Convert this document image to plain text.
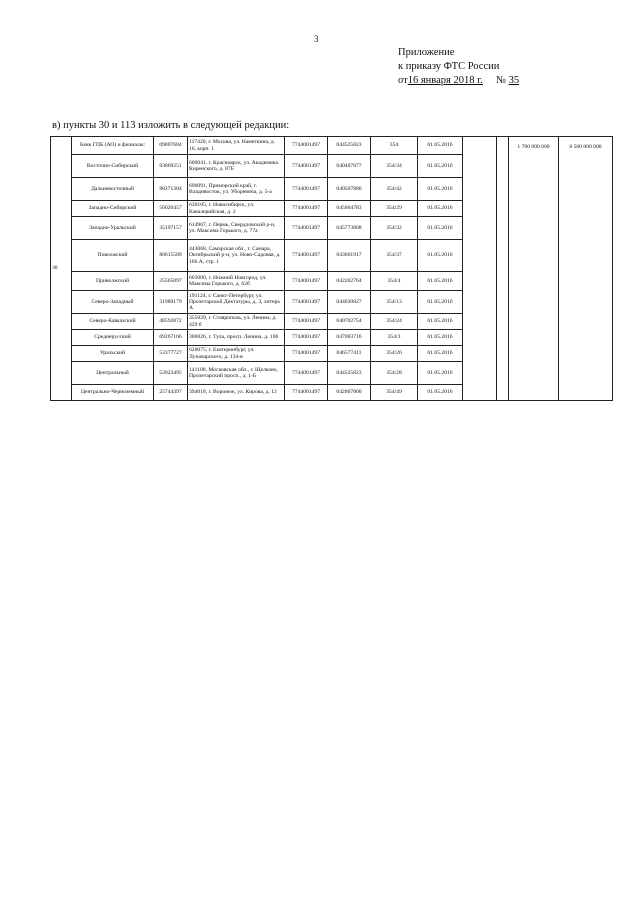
3
Приложение
к приказу ФТС России
от16 января 2018 г. № 35
в) пункты 30 и 113 изложить в следующей редакции:
30	Банк ГПБ (АО) и филиалы:	09807684	117420, г. Москва, ул. Наметкина, д. 16, корп. 1	7744001497	044525823	354	01.05.2016			1 700 000 000	8 500 000 000
	Восточно-Сибирский	93869251	660041, г. Красноярск, ул. Академика Киренского, д. 87Б	7744001497	040407877	354/34	01.05.2016				
	Дальневосточный	88271304	690091, Приморский край, г. Владивосток, ул. Уборевича, д. 5-а	7744001497	040507886	354/42	01.05.2016				
	Западно-Сибирский	56020457	630105, г. Новосибирск, ул. Кавалерийская, д. 2	7744001497	045004783	354/29	01.05.2016				
	Западно-Уральский	35197157	614907, г. Пермь, Свердловский р-н, ул. Максима Горького, д. 77а	7744001497	045773808	354/32	01.05.2016				
	Поволжский	80615589	443068, Самарская обл., г. Самара, Октябрьский р-н, ул. Ново-Садовая, д. 106 А, стр. 1	7744001497	043601917	354/37	01.05.2016				
	Приволжский	25565097	603000, г. Нижний Новгород, ул. Максима Горького, д. 62б	7744001497	042202764	354/4	01.05.2016				
	Северо-Западный	31980179	191124, г. Санкт-Петербург, ул. Пролетарской Диктатуры, д. 3, литера А	7744001497	044030827	354/13	01.05.2016				
	Северо-Кавказский	48592872	355029, г. Ставрополь, ул. Ленина, д. 429 б	7744001497	040702754	354/24	01.05.2016				
	Среднерусский	09267166	300026, г. Тула, просп. Ленина, д. 106	7744001497	047003716	354/3	01.05.2016				
	Уральский	53377727	620075, г. Екатеринбург, ул. Луначарского, д. 134-в	7744001497	046577411	354/26	01.05.2016				
	Центральный	53923495	141100, Московская обл., г. Щелково, Пролетарский просп., д. 1-Б	7744001497	044525823	354/28	01.05.2016				
	Центрально-Черноземный	25744397	394018, г. Воронеж, ул. Кирова, д. 12	7744001497	042007800	354/49	01.05.2016				
